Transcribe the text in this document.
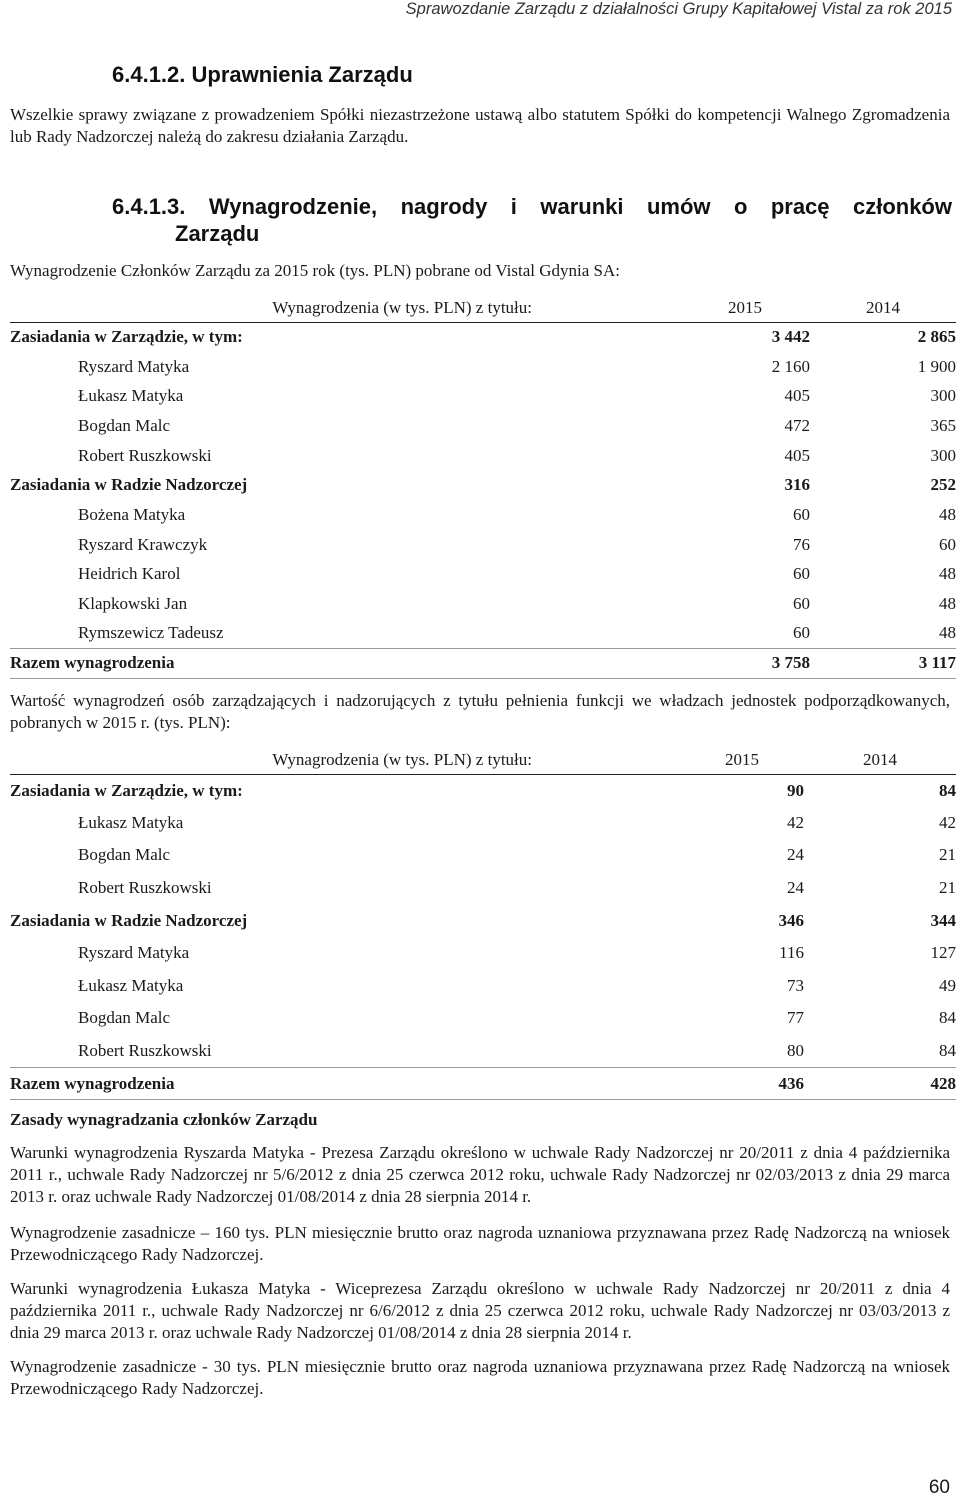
Sprawozdanie Zarządu z działalności Grupy Kapitałowej Vistal za rok 2015
6.4.1.2. Uprawnienia Zarządu
Wszelkie sprawy związane z prowadzeniem Spółki niezastrzeżone ustawą albo statutem Spółki do kompetencji Walnego Zgromadzenia lub Rady Nadzorczej należą do zakresu działania Zarządu.
6.4.1.3. Wynagrodzenie, nagrody i warunki umów o pracę członków
Zarządu
Wynagrodzenie Członków Zarządu za 2015 rok (tys. PLN) pobrane od Vistal Gdynia SA:
Wynagrodzenia (w tys. PLN) z tytułu:	2015	2014
Zasiadania w Zarządzie, w tym:	3 442	2 865
Ryszard Matyka	2 160	1 900
Łukasz Matyka	405	300
Bogdan Malc	472	365
Robert Ruszkowski	405	300
Zasiadania w Radzie Nadzorczej	316	252
Bożena Matyka	60	48
Ryszard Krawczyk	76	60
Heidrich Karol	60	48
Klapkowski Jan	60	48
Rymszewicz Tadeusz	60	48
Razem wynagrodzenia	3 758	3 117
Wartość wynagrodzeń osób zarządzających i nadzorujących z tytułu pełnienia funkcji we władzach jednostek podporządkowanych, pobranych w 2015 r. (tys. PLN):
Wynagrodzenia (w tys. PLN) z tytułu:	2015	2014
Zasiadania w Zarządzie, w tym:	90	84
Łukasz Matyka	42	42
Bogdan Malc	24	21
Robert Ruszkowski	24	21
Zasiadania w Radzie Nadzorczej	346	344
Ryszard Matyka	116	127
Łukasz Matyka	73	49
Bogdan Malc	77	84
Robert Ruszkowski	80	84
Razem wynagrodzenia	436	428
Zasady wynagradzania członków Zarządu
Warunki wynagrodzenia Ryszarda Matyka - Prezesa Zarządu określono w uchwale Rady Nadzorczej nr 20/2011 z dnia 4 października 2011 r., uchwale Rady Nadzorczej nr 5/6/2012 z dnia 25 czerwca 2012 roku, uchwale Rady Nadzorczej nr 02/03/2013 z dnia 29 marca 2013 r. oraz uchwale Rady Nadzorczej 01/08/2014 z dnia 28 sierpnia 2014 r.
Wynagrodzenie zasadnicze – 160 tys. PLN miesięcznie brutto oraz nagroda uznaniowa przyznawana przez Radę Nadzorczą na wniosek Przewodniczącego Rady Nadzorczej.
Warunki wynagrodzenia Łukasza Matyka - Wiceprezesa Zarządu określono w uchwale Rady Nadzorczej nr 20/2011 z dnia 4 października 2011 r., uchwale Rady Nadzorczej nr 6/6/2012 z dnia 25 czerwca 2012 roku, uchwale Rady Nadzorczej nr 03/03/2013 z dnia 29 marca 2013 r. oraz uchwale Rady Nadzorczej 01/08/2014 z dnia 28 sierpnia 2014 r.
Wynagrodzenie zasadnicze - 30 tys. PLN miesięcznie brutto oraz nagroda uznaniowa przyznawana przez Radę Nadzorczą na wniosek Przewodniczącego Rady Nadzorczej.
60
